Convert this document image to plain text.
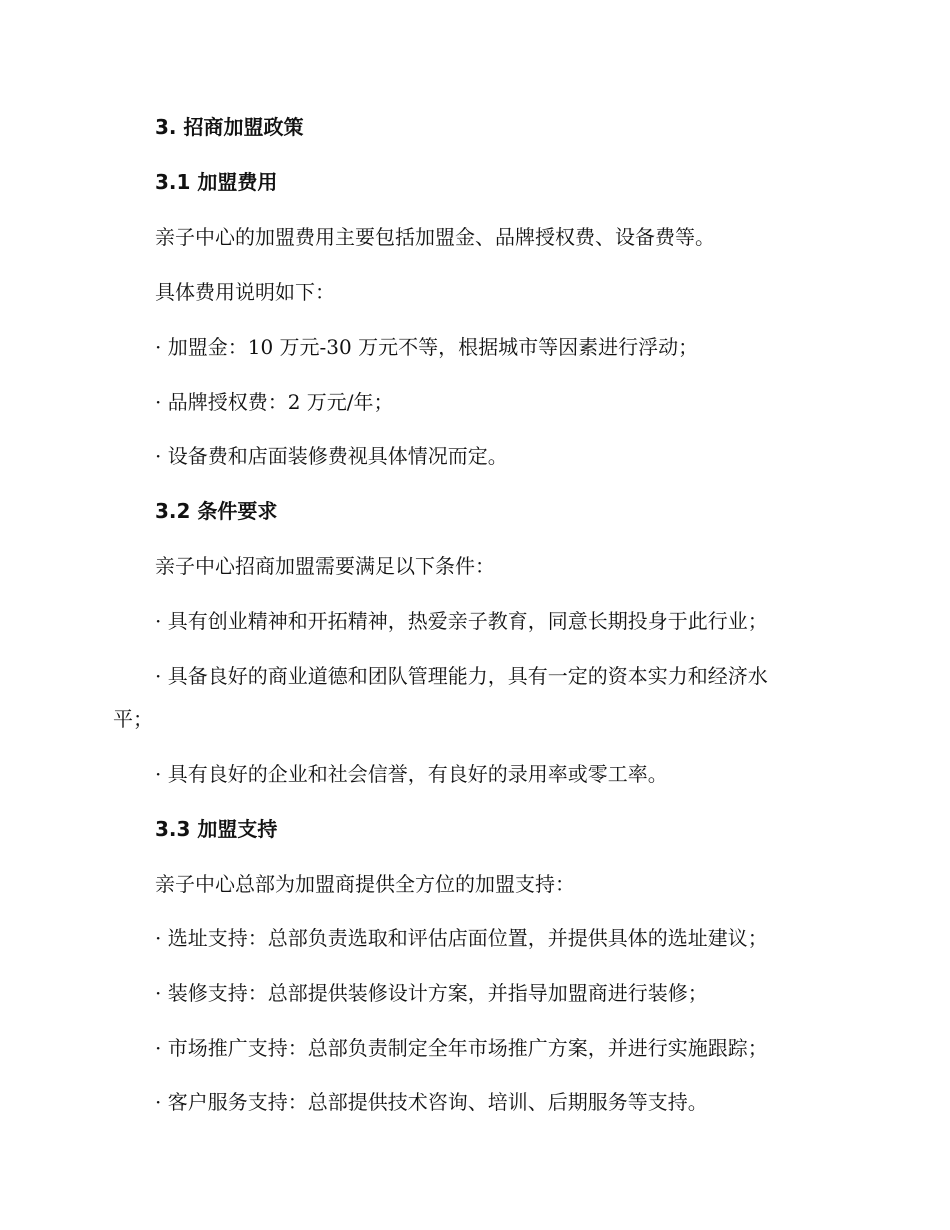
3. 招商加盟政策
3.1 加盟费用
亲子中心的加盟费用主要包括加盟金、品牌授权费、设备费等。
具体费用说明如下：
· 加盟金：10 万元-30 万元不等，根据城市等因素进行浮动；
· 品牌授权费：2 万元/年；
· 设备费和店面装修费视具体情况而定。
3.2 条件要求
亲子中心招商加盟需要满足以下条件：
· 具有创业精神和开拓精神，热爱亲子教育，同意长期投身于此行业；
· 具备良好的商业道德和团队管理能力，具有一定的资本实力和经济水
平；
· 具有良好的企业和社会信誉，有良好的录用率或零工率。
3.3 加盟支持
亲子中心总部为加盟商提供全方位的加盟支持：
· 选址支持：总部负责选取和评估店面位置，并提供具体的选址建议；
· 装修支持：总部提供装修设计方案，并指导加盟商进行装修；
· 市场推广支持：总部负责制定全年市场推广方案，并进行实施跟踪；
· 客户服务支持：总部提供技术咨询、培训、后期服务等支持。
